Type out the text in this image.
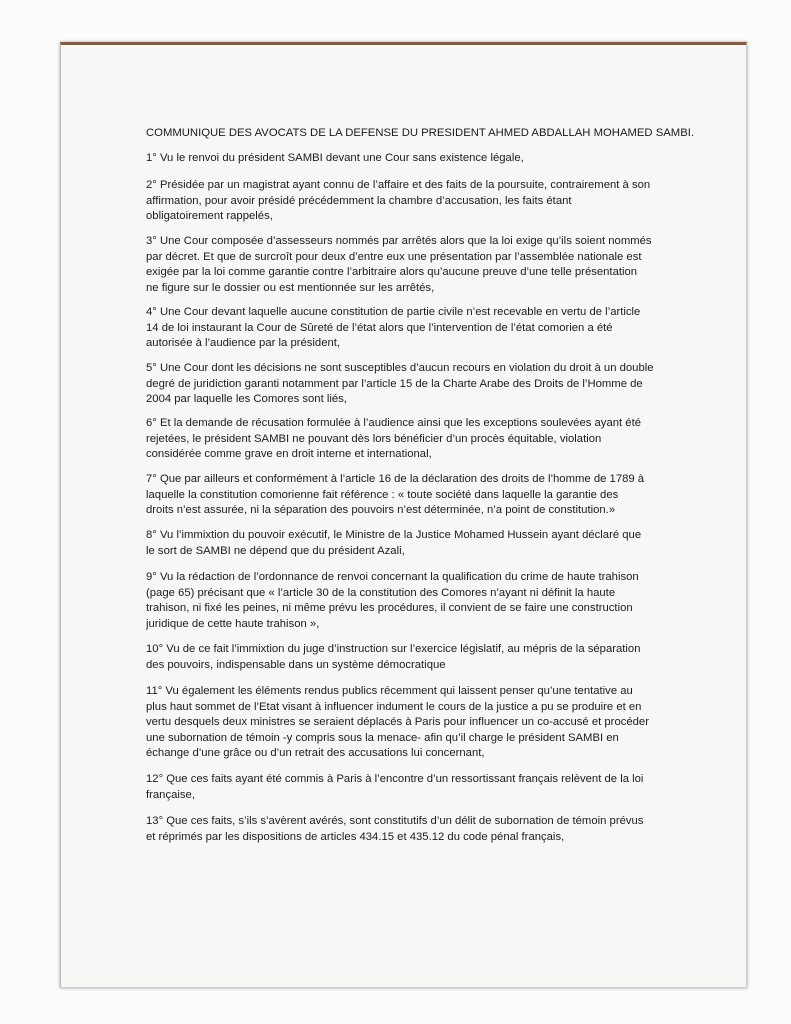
COMMUNIQUE DES AVOCATS DE LA DEFENSE DU PRESIDENT AHMED ABDALLAH MOHAMED SAMBI.
1° Vu le renvoi du président SAMBI devant une Cour sans existence légale,
2° Présidée par un magistrat ayant connu de l’affaire et des faits de la poursuite, contrairement à son
affirmation, pour avoir présidé précédemment la chambre d’accusation, les faits étant
obligatoirement rappelés,
3° Une Cour composée d’assesseurs nommés par arrêtés alors que la loi exige qu’ils soient nommés
par décret. Et que de surcroît pour deux d’entre eux une présentation par l’assemblée nationale est
exigée par la loi comme garantie contre l’arbitraire alors qu’aucune preuve d’une telle présentation
ne figure sur le dossier ou est mentionnée sur les arrêtés,
4° Une Cour devant laquelle aucune constitution de partie civile n’est recevable en vertu de l’article
14 de loi instaurant la Cour de Sûreté de l’état alors que l’intervention de l’état comorien a été
autorisée à l’audience par la président,
5° Une Cour dont les décisions ne sont susceptibles d’aucun recours en violation du droit à un double
degré de juridiction garanti notamment par l’article 15 de la Charte Arabe des Droits de l’Homme de
2004 par laquelle les Comores sont liés,
6° Et la demande de récusation formulée à l’audience ainsi que les exceptions soulevées ayant été
rejetées, le président SAMBI ne pouvant dès lors bénéficier d’un procès équitable, violation
considérée comme grave en droit interne et international,
7° Que par ailleurs et conformément à l’article 16 de la déclaration des droits de l’homme de 1789 à
laquelle la constitution comorienne fait référence : « toute société dans laquelle la garantie des
droits n’est assurée, ni la séparation des pouvoirs n’est déterminée, n’a point de constitution.»
8° Vu l’immixtion du pouvoir exécutif, le Ministre de la Justice Mohamed Hussein ayant déclaré que
le sort de SAMBI ne dépend que du président Azali,
9° Vu la rédaction de l’ordonnance de renvoi concernant la qualification du crime de haute trahison
(page 65) précisant que « l’article 30 de la constitution des Comores n’ayant ni définit la haute
trahison, ni fixé les peines, ni même prévu les procédures, il convient de se faire une construction
juridique de cette haute trahison »,
10° Vu de ce fait l’immixtion du juge d’instruction sur l’exercice législatif, au mépris de la séparation
des pouvoirs, indispensable dans un système démocratique
11° Vu également les éléments rendus publics récemment qui laissent penser qu’une tentative au
plus haut sommet de l’Etat visant à influencer indument le cours de la justice a pu se produire et en
vertu desquels deux ministres se seraient déplacés à Paris pour influencer un co-accusé et procéder
une subornation de témoin -y compris sous la menace- afin qu’il charge le président SAMBI en
échange d’une grâce ou d’un retrait des accusations lui concernant,
12° Que ces faits ayant été commis à Paris à l’encontre d’un ressortissant français relèvent de la loi
française,
13° Que ces faits, s’ils s’avèrent avérés, sont constitutifs d’un délit de subornation de témoin prévus
et réprimés par les dispositions de articles 434.15 et 435.12 du code pénal français,
